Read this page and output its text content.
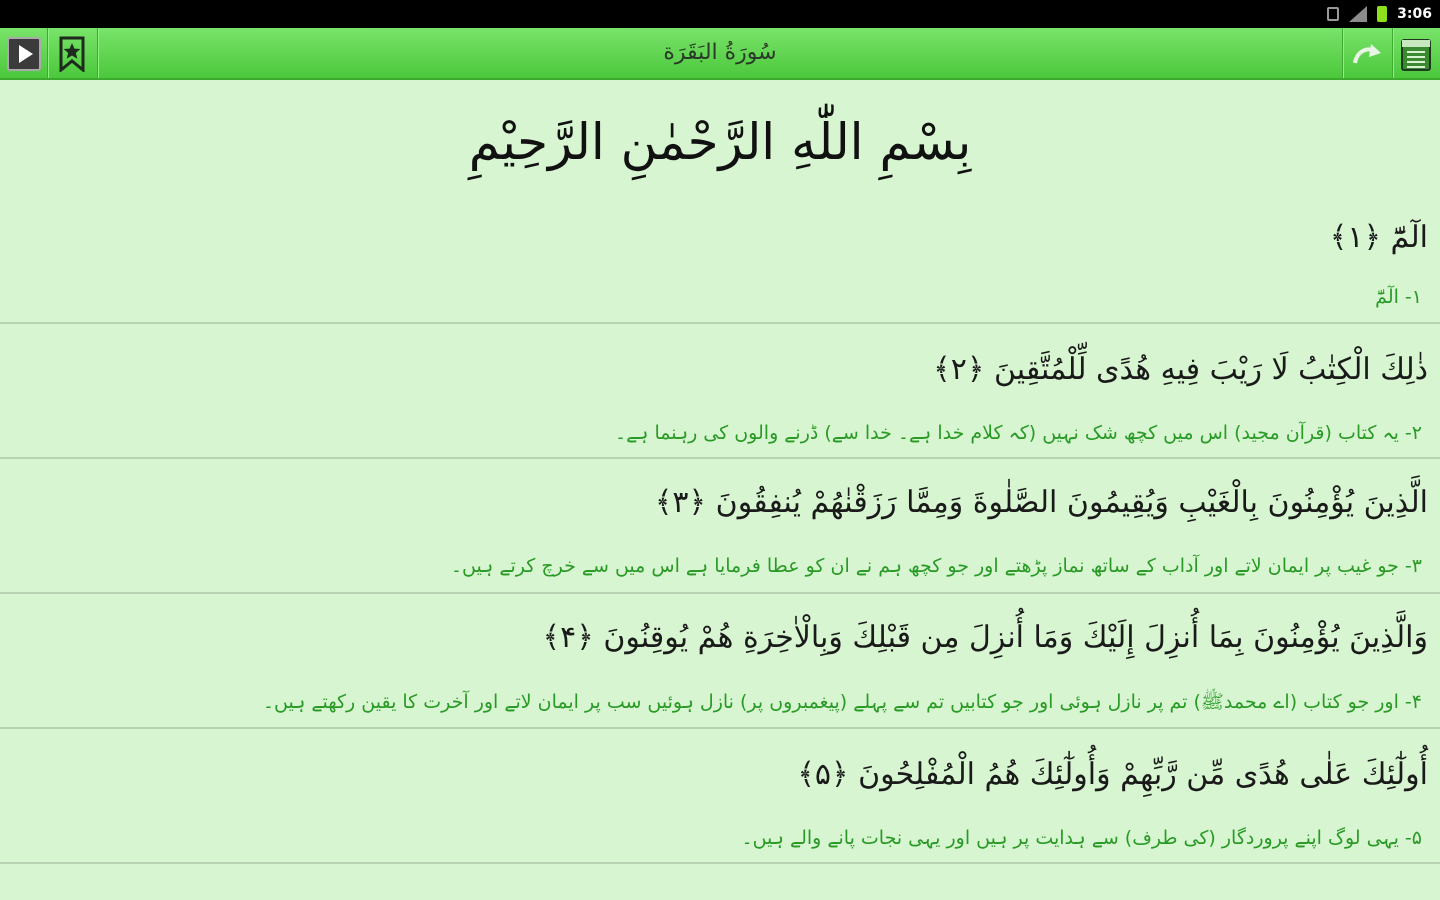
3:06
سُورَةُ البَقَرَة
بِسْمِ اللّٰهِ الرَّحْمٰنِ الرَّحِيْمِ
الٓمّٓ ﴿۱﴾
۱- الٓمّٓ
ذٰلِكَ الْكِتٰبُ لَا رَيْبَ فِيهِ هُدًى لِّلْمُتَّقِينَ ﴿۲﴾
۲- یہ کتاب (قرآن مجید) اس میں کچھ شک نہیں (کہ کلام خدا ہے۔ خدا سے) ڈرنے والوں کی رہنما ہے۔
الَّذِينَ يُؤْمِنُونَ بِالْغَيْبِ وَيُقِيمُونَ الصَّلٰوةَ وَمِمَّا رَزَقْنٰهُمْ يُنفِقُونَ ﴿۳﴾
۳- جو غیب پر ایمان لاتے اور آداب کے ساتھ نماز پڑھتے اور جو کچھ ہم نے ان کو عطا فرمایا ہے اس میں سے خرچ کرتے ہیں۔
وَالَّذِينَ يُؤْمِنُونَ بِمَا أُنزِلَ إِلَيْكَ وَمَا أُنزِلَ مِن قَبْلِكَ وَبِالْاٰخِرَةِ هُمْ يُوقِنُونَ ﴿۴﴾
۴- اور جو کتاب (اے محمدﷺ) تم پر نازل ہوئی اور جو کتابیں تم سے پہلے (پیغمبروں پر) نازل ہوئیں سب پر ایمان لاتے اور آخرت کا یقین رکھتے ہیں۔
أُولٰٓئِكَ عَلٰى هُدًى مِّن رَّبِّهِمْ وَأُولٰٓئِكَ هُمُ الْمُفْلِحُونَ ﴿۵﴾
۵- یہی لوگ اپنے پروردگار (کی طرف) سے ہدایت پر ہیں اور یہی نجات پانے والے ہیں۔
